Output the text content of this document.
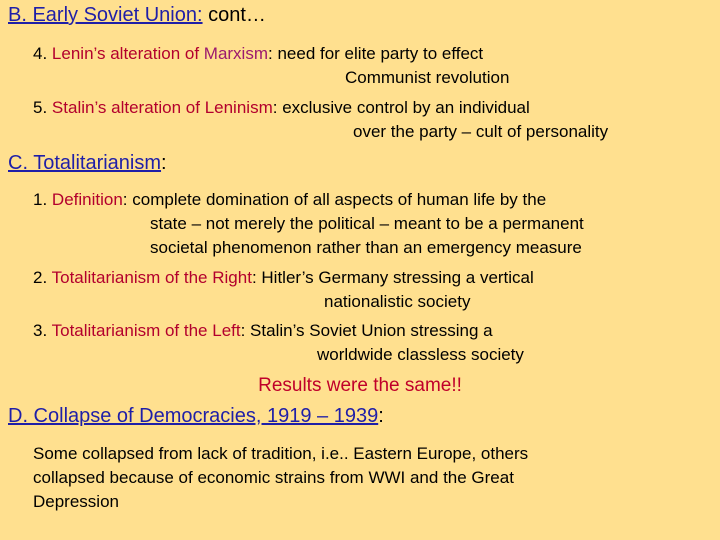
B. Early Soviet Union: cont…
4. Lenin’s alteration of Marxism: need for elite party to effect
Communist revolution
5. Stalin’s alteration of Leninism: exclusive control by an individual
over the party – cult of personality
C. Totalitarianism:
1. Definition: complete domination of all aspects of human life by the
state – not merely the political – meant to be a permanent
societal phenomenon rather than an emergency measure
2. Totalitarianism of the Right: Hitler’s Germany stressing a vertical
nationalistic society
3. Totalitarianism of the Left: Stalin’s Soviet Union stressing a
worldwide classless society
Results were the same!!
D. Collapse of Democracies, 1919 – 1939:
Some collapsed from lack of tradition, i.e.. Eastern Europe, others
collapsed because of economic strains from WWI and the Great
Depression
